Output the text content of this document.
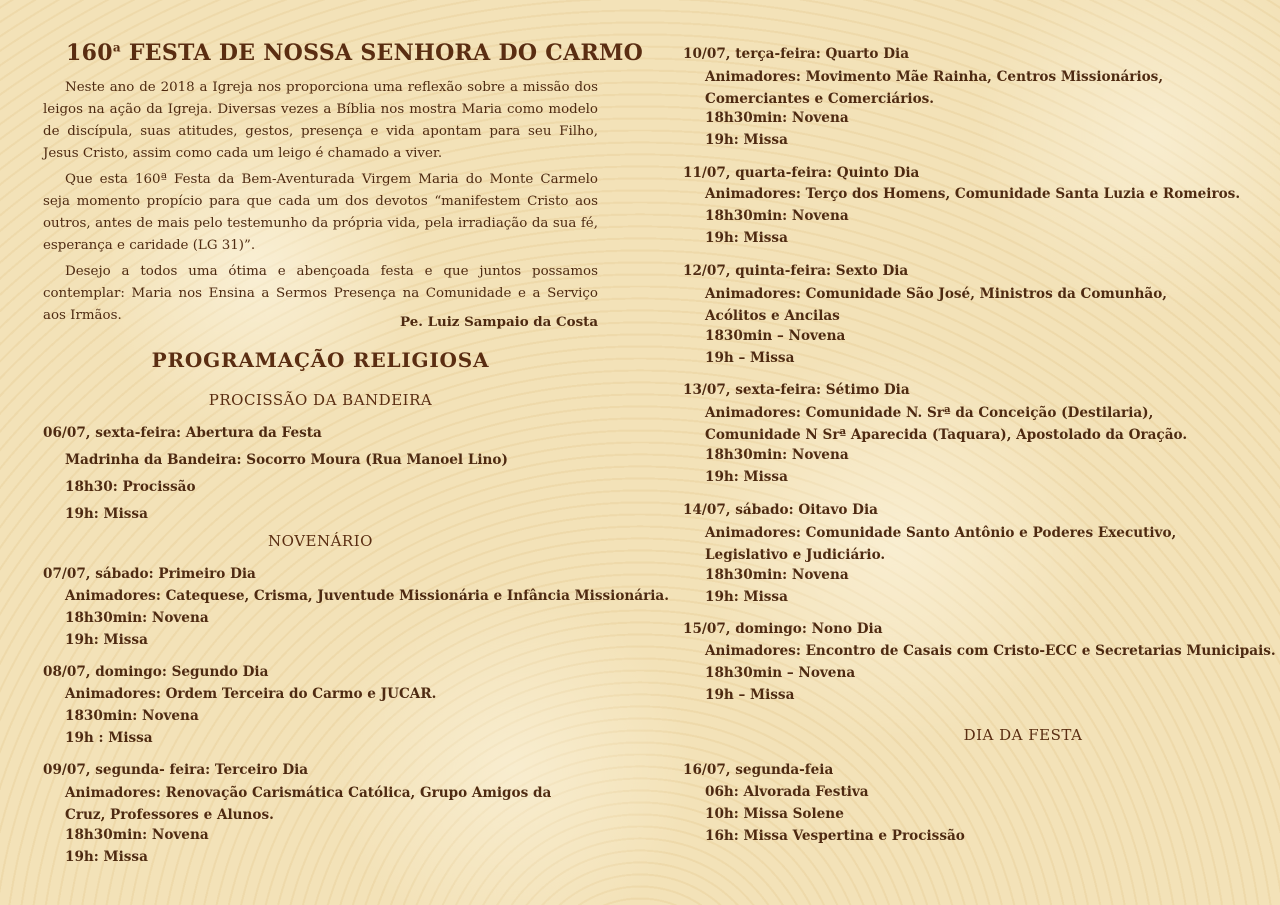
160$^a$ FESTA DE NOSSA SENHORA DO CARMO
Neste ano de 2018 a Igreja nos proporciona uma reflexão sobre a missão dos leigos na ação da Igreja. Diversas vezes a Bíblia nos mostra Maria como modelo de discípula, suas atitudes, gestos, presença e vida apontam para seu Filho, Jesus Cristo, assim como cada um leigo é chamado a viver.
Que esta 160ª Festa da Bem-Aventurada Virgem Maria do Monte Carmelo seja momento propício para que cada um dos devotos “manifestem Cristo aos outros, antes de mais pelo testemunho da própria vida, pela irradiação da sua fé, esperança e caridade (LG 31)”.
Desejo a todos uma ótima e abençoada festa e que juntos possamos contemplar: Maria nos Ensina a Sermos Presença na Comunidade e a Serviço aos Irmãos.	Pe. Luiz Sampaio da Costa
PROGRAMAÇÃO RELIGIOSA
PROCISSÃO DA BANDEIRA
06/07, sexta-feira: Abertura da Festa
Madrinha da Bandeira: Socorro Moura (Rua Manoel Lino)
18h30: Procissão
19h: Missa
NOVENÁRIO
07/07, sábado: Primeiro Dia
Animadores: Catequese, Crisma, Juventude Missionária e Infância Missionária.
18h30min: Novena
19h: Missa
08/07, domingo: Segundo Dia
Animadores: Ordem Terceira do Carmo e JUCAR.
1830min: Novena
19h : Missa
09/07, segunda- feira: Terceiro Dia
Animadores: Renovação Carismática Católica, Grupo Amigos da Cruz, Professores e Alunos.
18h30min: Novena
19h: Missa
10/07, terça-feira: Quarto Dia
Animadores: Movimento Mãe Rainha, Centros Missionários, Comerciantes e Comerciários.
18h30min: Novena
19h: Missa
11/07, quarta-feira: Quinto Dia
Animadores: Terço dos Homens, Comunidade Santa Luzia e Romeiros.
18h30min: Novena
19h: Missa
12/07, quinta-feira: Sexto Dia
Animadores: Comunidade São José, Ministros da Comunhão, Acólitos e Ancilas
1830min – Novena
19h – Missa
13/07, sexta-feira: Sétimo Dia
Animadores: Comunidade N. Srª da Conceição (Destilaria), Comunidade N Srª Aparecida (Taquara), Apostolado da Oração.
18h30min: Novena
19h: Missa
14/07, sábado: Oitavo Dia
Animadores: Comunidade Santo Antônio e Poderes Executivo, Legislativo e Judiciário.
18h30min: Novena
19h: Missa
15/07, domingo: Nono Dia
Animadores: Encontro de Casais com Cristo-ECC e Secretarias Municipais.
18h30min – Novena
19h – Missa
DIA DA FESTA
16/07, segunda-feia
06h: Alvorada Festiva
10h: Missa Solene
16h: Missa Vespertina e Procissão
